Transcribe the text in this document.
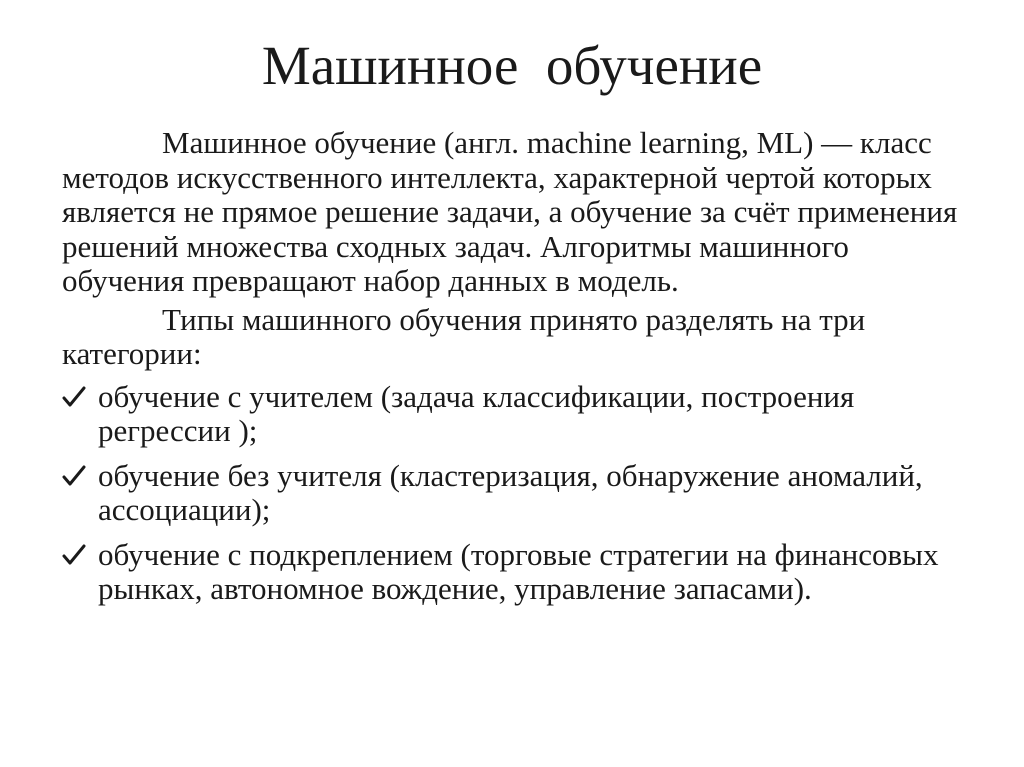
Машинное  обучение

Машинное обучение (англ. machine learning, ML) — класс методов искусственного интеллекта, характерной чертой которых является не прямое решение задачи, а обучение за счёт применения решений множества сходных задач. Алгоритмы машинного обучения превращают набор данных в модель.

Типы машинного обучения принято разделять на три категории:

обучение с учителем (задача классификации, построения регрессии );
обучение без учителя (кластеризация, обнаружение аномалий, ассоциации);
обучение с подкреплением (торговые стратегии на финансовых рынках, автономное вождение, управление запасами).
